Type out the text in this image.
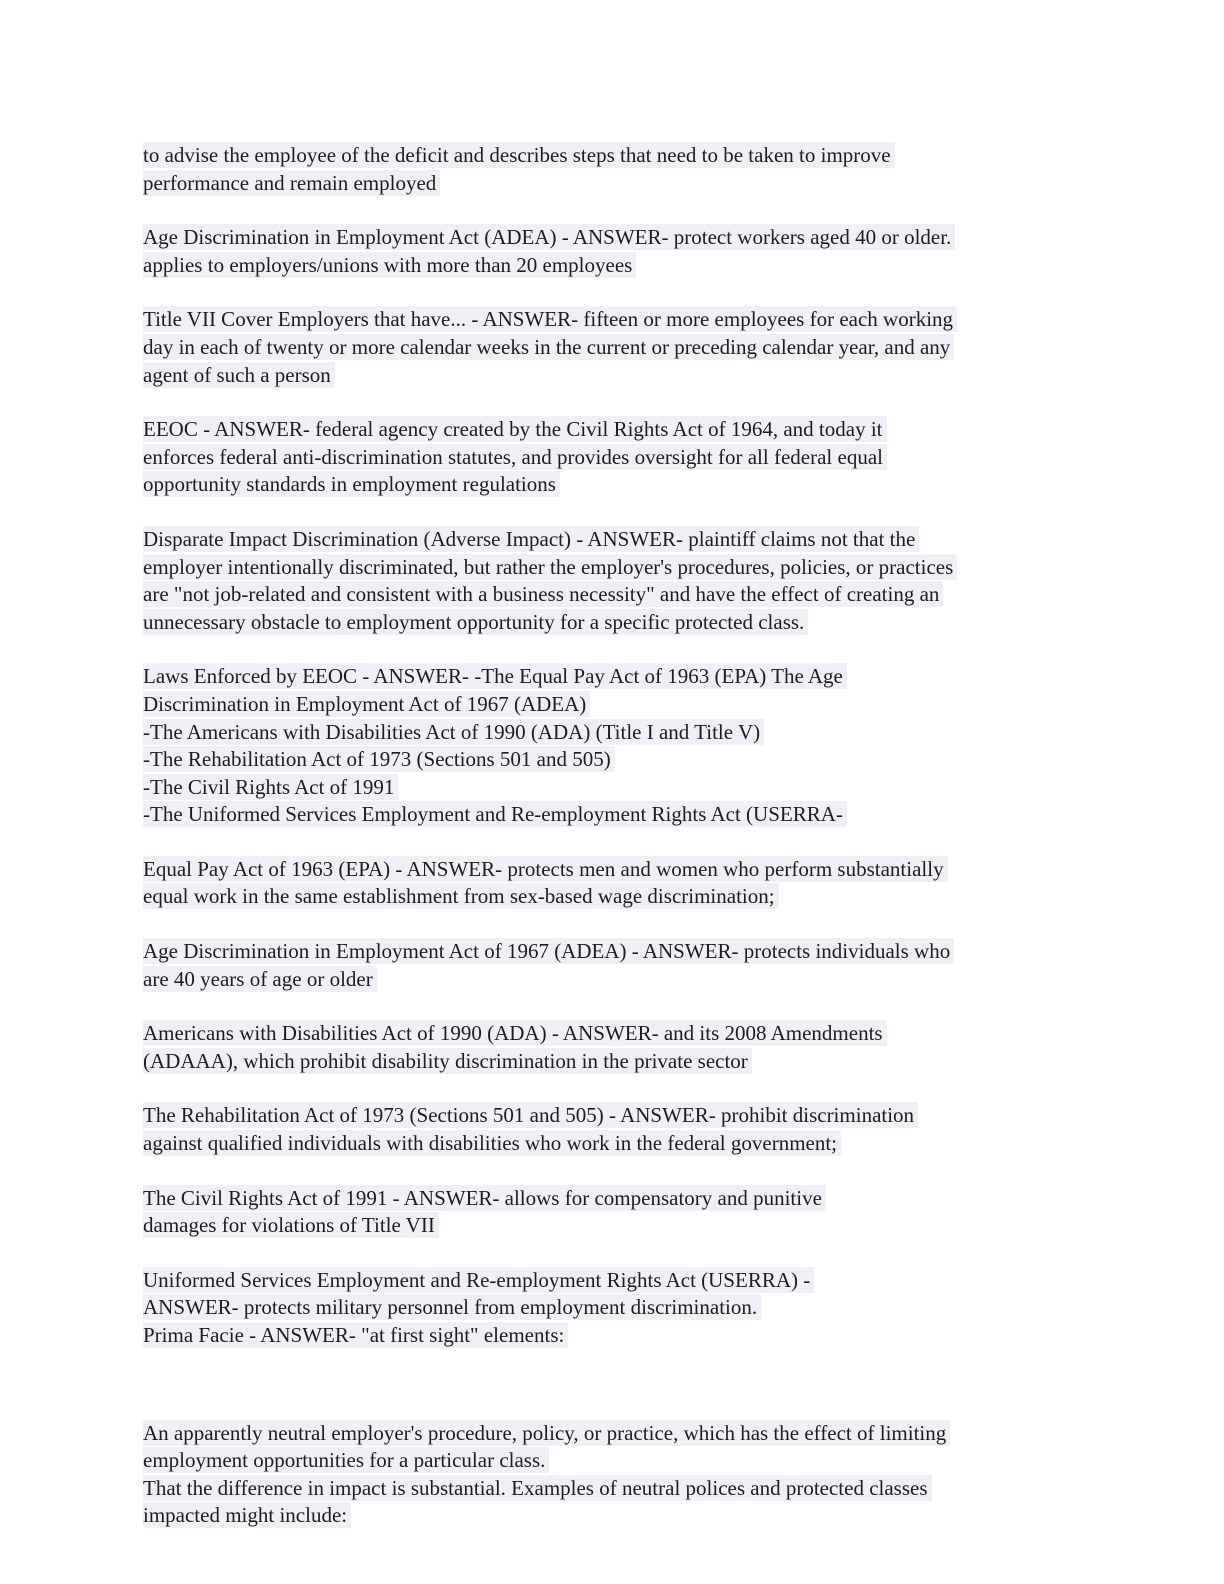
to advise the employee of the deficit and describes steps that need to be taken to improve
performance and remain employed
Age Discrimination in Employment Act (ADEA) - ANSWER- protect workers aged 40 or older.
applies to employers/unions with more than 20 employees
Title VII Cover Employers that have... - ANSWER- fifteen or more employees for each working
day in each of twenty or more calendar weeks in the current or preceding calendar year, and any
agent of such a person
EEOC - ANSWER- federal agency created by the Civil Rights Act of 1964, and today it
enforces federal anti-discrimination statutes, and provides oversight for all federal equal
opportunity standards in employment regulations
Disparate Impact Discrimination (Adverse Impact) - ANSWER- plaintiff claims not that the
employer intentionally discriminated, but rather the employer's procedures, policies, or practices
are "not job-related and consistent with a business necessity" and have the effect of creating an
unnecessary obstacle to employment opportunity for a specific protected class.
Laws Enforced by EEOC - ANSWER- -The Equal Pay Act of 1963 (EPA) The Age
Discrimination in Employment Act of 1967 (ADEA)
-The Americans with Disabilities Act of 1990 (ADA) (Title I and Title V)
-The Rehabilitation Act of 1973 (Sections 501 and 505)
-The Civil Rights Act of 1991
-The Uniformed Services Employment and Re-employment Rights Act (USERRA-
Equal Pay Act of 1963 (EPA) - ANSWER- protects men and women who perform substantially
equal work in the same establishment from sex-based wage discrimination;
Age Discrimination in Employment Act of 1967 (ADEA) - ANSWER- protects individuals who
are 40 years of age or older
Americans with Disabilities Act of 1990 (ADA) - ANSWER- and its 2008 Amendments
(ADAAA), which prohibit disability discrimination in the private sector
The Rehabilitation Act of 1973 (Sections 501 and 505) - ANSWER- prohibit discrimination
against qualified individuals with disabilities who work in the federal government;
The Civil Rights Act of 1991 - ANSWER- allows for compensatory and punitive
damages for violations of Title VII
Uniformed Services Employment and Re-employment Rights Act (USERRA) -
ANSWER- protects military personnel from employment discrimination.
Prima Facie - ANSWER- "at first sight" elements:
An apparently neutral employer's procedure, policy, or practice, which has the effect of limiting
employment opportunities for a particular class.
That the difference in impact is substantial. Examples of neutral polices and protected classes
impacted might include:
